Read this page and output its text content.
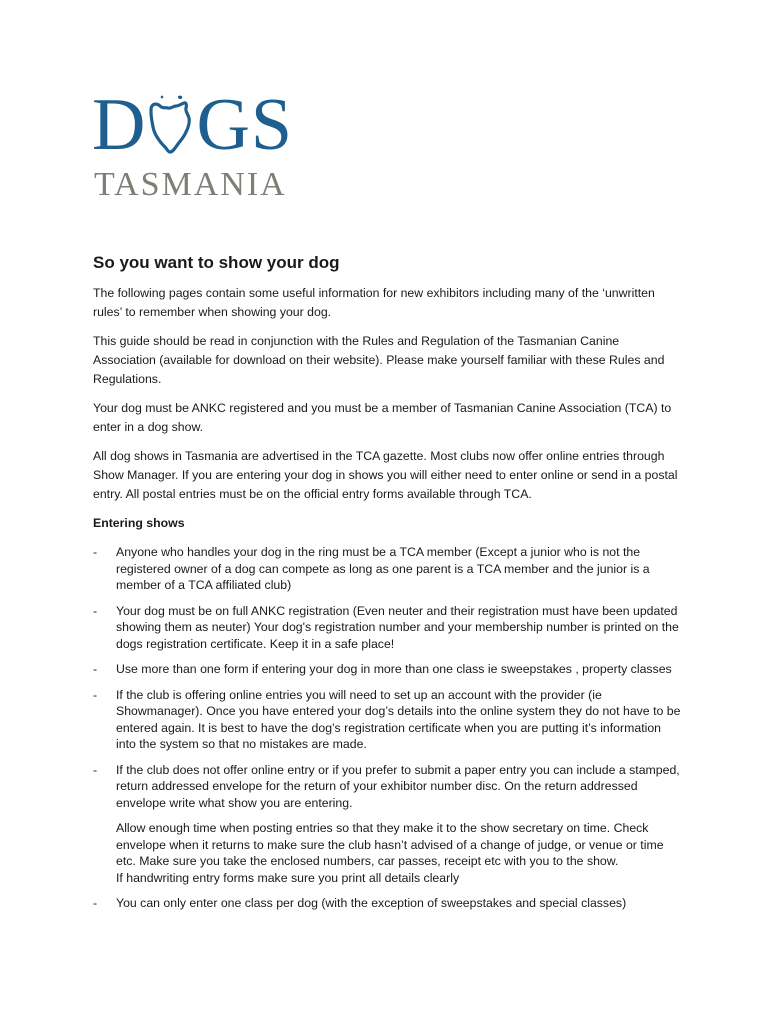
D GS
TASMANIA
So you want to show your dog

The following pages contain some useful information for new exhibitors including many of the ‘unwritten rules’ to remember when showing your dog.

This guide should be read in conjunction with the Rules and Regulation of the Tasmanian Canine Association (available for download on their website). Please make yourself familiar with these Rules and Regulations.

Your dog must be ANKC registered and you must be a member of Tasmanian Canine Association (TCA) to enter in a dog show.

All dog shows in Tasmania are advertised in the TCA gazette. Most clubs now offer online entries through Show Manager. If you are entering your dog in shows you will either need to enter online or send in a postal entry. All postal entries must be on the official entry forms available through TCA.

Entering shows
- Anyone who handles your dog in the ring must be a TCA member (Except a junior who is not the registered owner of a dog can compete as long as one parent is a TCA member and the junior is a member of a TCA affiliated club)
- Your dog must be on full ANKC registration (Even neuter and their registration must have been updated showing them as neuter) Your dog's registration number and your membership number is printed on the dogs registration certificate. Keep it in a safe place!
- Use more than one form if entering your dog in more than one class ie sweepstakes , property classes
- If the club is offering online entries you will need to set up an account with the provider (ie Showmanager). Once you have entered your dog’s details into the online system they do not have to be entered again. It is best to have the dog’s registration certificate when you are putting it’s information into the system so that no mistakes are made.
- If the club does not offer online entry or if you prefer to submit a paper entry you can include a stamped, return addressed envelope for the return of your exhibitor number disc. On the return addressed envelope write what show you are entering.
Allow enough time when posting entries so that they make it to the show secretary on time. Check envelope when it returns to make sure the club hasn’t advised of a change of judge, or venue or time etc. Make sure you take the enclosed numbers, car passes, receipt etc with you to the show.
If handwriting entry forms make sure you print all details clearly
- You can only enter one class per dog (with the exception of sweepstakes and special classes)
